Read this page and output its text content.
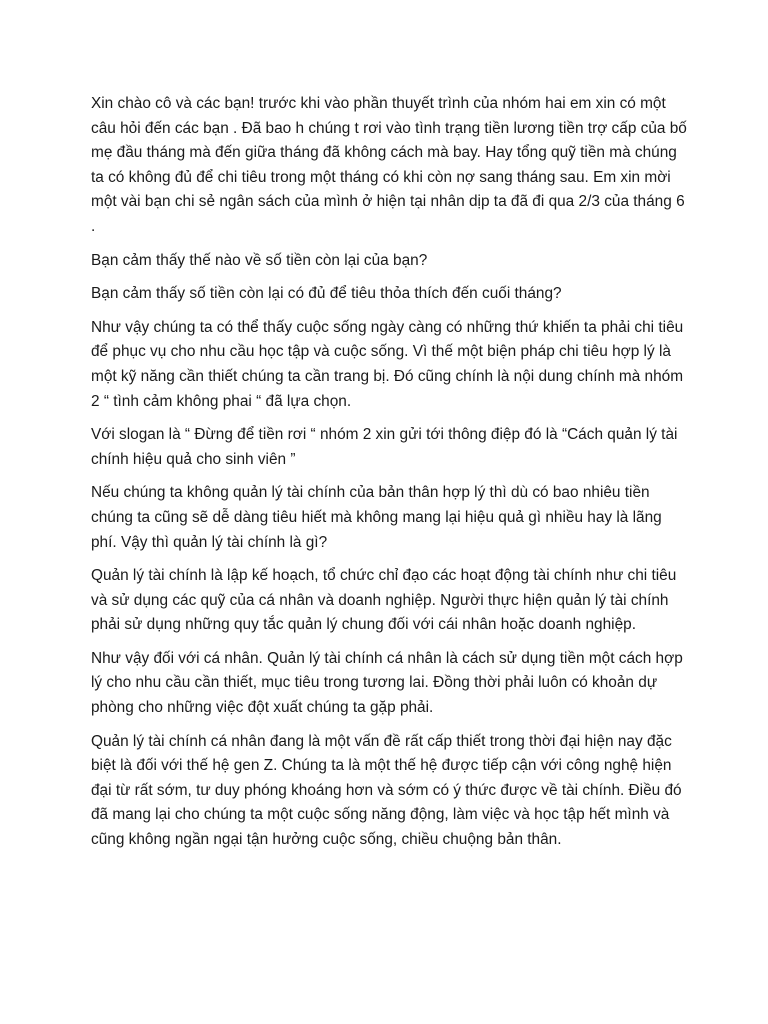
Xin chào cô và các bạn! trước khi vào phần thuyết trình của nhóm hai em xin có một câu hỏi đến các bạn . Đã bao h chúng t rơi vào tình trạng tiền lương tiền trợ cấp của bố mẹ đầu tháng mà đến giữa tháng đã không cách mà bay. Hay tổng quỹ tiền mà chúng ta có không đủ để chi tiêu trong một tháng có khi còn nợ sang tháng sau. Em xin mời một vài bạn chi sẻ ngân sách của mình ở hiện tại nhân dịp ta đã đi qua 2/3 của tháng 6 .

Bạn cảm thấy thế nào về số tiền còn lại của bạn?

Bạn cảm thấy số tiền còn lại có đủ để tiêu thỏa thích đến cuối tháng?

Như vậy chúng ta có thể thấy cuộc sống ngày càng có những thứ khiến ta phải chi tiêu để phục vụ cho nhu cầu học tập và cuộc sống. Vì thế một biện pháp chi tiêu hợp lý là một kỹ năng cần thiết chúng ta cần trang bị. Đó cũng chính là nội dung chính mà nhóm 2 “ tình cảm không phai “ đã lựa chọn.

Với slogan là “ Đừng để tiền rơi “ nhóm 2 xin gửi tới thông điệp đó là “Cách quản lý tài chính hiệu quả cho sinh viên ”

Nếu chúng ta không quản lý tài chính của bản thân hợp lý thì dù có bao nhiêu tiền chúng ta cũng sẽ dễ dàng tiêu hiết mà không mang lại hiệu quả gì nhiều hay là lãng phí. Vậy thì quản lý tài chính là gì?

Quản lý tài chính là lập kế hoạch, tổ chức chỉ đạo các hoạt động tài chính như chi tiêu và sử dụng các quỹ của cá nhân và doanh nghiệp. Người thực hiện quản lý tài chính phải sử dụng những quy tắc quản lý chung đối với cái nhân hoặc doanh nghiệp.

Như vậy đối với cá nhân. Quản lý tài chính cá nhân là cách sử dụng tiền một cách hợp lý cho nhu cầu cần thiết, mục tiêu trong tương lai. Đồng thời phải luôn có khoản dự phòng cho những việc đột xuất chúng ta gặp phải.

Quản lý tài chính cá nhân đang là một vấn đề rất cấp thiết trong thời đại hiện nay đặc biệt là đối với thế hệ gen Z. Chúng ta là một thế hệ được tiếp cận với công nghệ hiện đại từ rất sớm, tư duy phóng khoáng hơn và sớm có ý thức được về tài chính. Điều đó đã mang lại cho chúng ta một cuộc sống năng động, làm việc và học tập hết mình và cũng không ngần ngại tận hưởng cuộc sống, chiều chuộng bản thân.
